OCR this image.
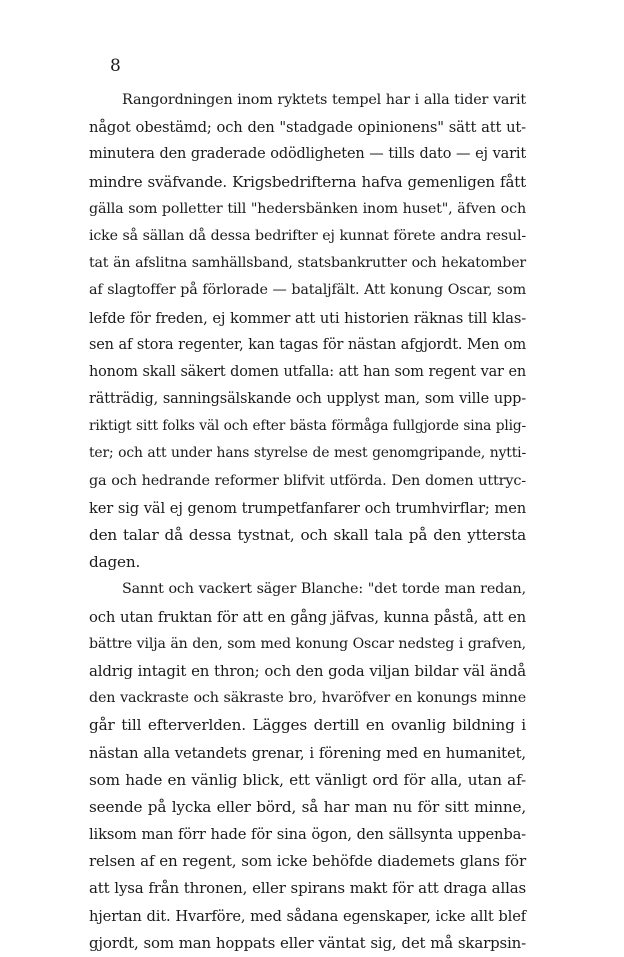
8
Rangordningen inom ryktets tempel har i alla tider varit
något obestämd; och den "stadgade opinionens" sätt att ut-
minutera den graderade odödligheten — tills dato — ej varit
mindre sväfvande. Krigsbedrifterna hafva gemenligen fått
gälla som polletter till "hedersbänken inom huset", äfven och
icke så sällan då dessa bedrifter ej kunnat förete andra resul-
tat än afslitna samhällsband, statsbankrutter och hekatomber
af slagtoffer på förlorade — bataljfält. Att konung Oscar, som
lefde för freden, ej kommer att uti historien räknas till klas-
sen af stora regenter, kan tagas för nästan afgjordt. Men om
honom skall säkert domen utfalla: att han som regent var en
rätträdig, sanningsälskande och upplyst man, som ville upp-
riktigt sitt folks väl och efter bästa förmåga fullgjorde sina plig-
ter; och att under hans styrelse de mest genomgripande, nytti-
ga och hedrande reformer blifvit utförda. Den domen uttryc-
ker sig väl ej genom trumpetfanfarer och trumhvirflar; men
den talar då dessa tystnat, och skall tala på den yttersta
dagen.
Sannt och vackert säger Blanche: "det torde man redan,
och utan fruktan för att en gång jäfvas, kunna påstå, att en
bättre vilja än den, som med konung Oscar nedsteg i grafven,
aldrig intagit en thron; och den goda viljan bildar väl ändå
den vackraste och säkraste bro, hvaröfver en konungs minne
går till efterverlden. Lägges dertill en ovanlig bildning i
nästan alla vetandets grenar, i förening med en humanitet,
som hade en vänlig blick, ett vänligt ord för alla, utan af-
seende på lycka eller börd, så har man nu för sitt minne,
liksom man förr hade för sina ögon, den sällsynta uppenba-
relsen af en regent, som icke behöfde diademets glans för
att lysa från thronen, eller spirans makt för att draga allas
hjertan dit. Hvarföre, med sådana egenskaper, icke allt blef
gjordt, som man hoppats eller väntat sig, det må skarpsin-
